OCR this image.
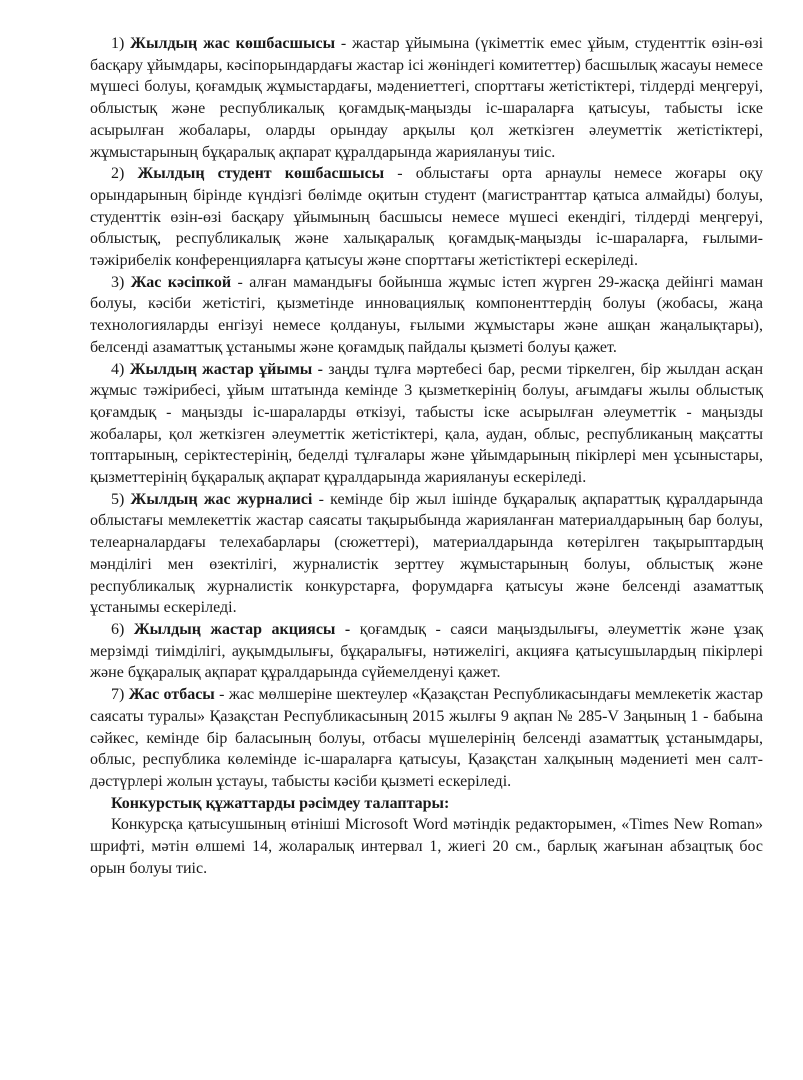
1) Жылдың жас көшбасшысы - жастар ұйымына (үкіметтік емес ұйым, студенттік өзін-өзі басқару ұйымдары, кәсіпорындардағы жастар ісі жөніндегі комитеттер) басшылық жасауы немесе мүшесі болуы, қоғамдық жұмыстардағы, мәдениеттегі, спорттағы жетістіктері, тілдерді меңгеруі, облыстық және республикалық қоғамдық-маңызды іс-шараларға қатысуы, табысты іске асырылған жобалары, оларды орындау арқылы қол жеткізген әлеуметтік жетістіктері, жұмыстарының бұқаралық ақпарат құралдарында жариялануы тиіс.

2) Жылдың студент көшбасшысы - облыстағы орта арнаулы немесе жоғары оқу орындарының бірінде күндізгі бөлімде оқитын студент (магистранттар қатыса алмайды) болуы, студенттік өзін-өзі басқару ұйымының басшысы немесе мүшесі екендігі, тілдерді меңгеруі, облыстық, республикалық және халықаралық қоғамдық-маңызды іс-шараларға, ғылыми-тәжірибелік конференцияларға қатысуы және спорттағы жетістіктері ескеріледі.

3) Жас кәсіпкой - алған мамандығы бойынша жұмыс істеп жүрген 29-жасқа дейінгі маман болуы, кәсіби жетістігі, қызметінде инновациялық компоненттердің болуы (жобасы, жаңа технологияларды енгізуі немесе қолдануы, ғылыми жұмыстары және ашқан жаңалықтары), белсенді азаматтық ұстанымы және қоғамдық пайдалы қызметі болуы қажет.

4) Жылдың жастар ұйымы - заңды тұлға мәртебесі бар, ресми тіркелген, бір жылдан асқан жұмыс тәжірибесі, ұйым штатында кемінде 3 қызметкерінің болуы, ағымдағы жылы облыстық қоғамдық - маңызды іс-шараларды өткізуі, табысты іске асырылған әлеуметтік - маңызды жобалары, қол жеткізген әлеуметтік жетістіктері, қала, аудан, облыс, республиканың мақсатты топтарының, серіктестерінің, беделді тұлғалары және ұйымдарының пікірлері мен ұсыныстары, қызметтерінің бұқаралық ақпарат құралдарында жариялануы ескеріледі.

5) Жылдың жас журналисі - кемінде бір жыл ішінде бұқаралық ақпараттық құралдарында облыстағы мемлекеттік жастар саясаты тақырыбында жарияланған материалдарының бар болуы, телеарналардағы телехабарлары (сюжеттері), материалдарында көтерілген тақырыптардың мәнділігі мен өзектілігі, журналистік зерттеу жұмыстарының болуы, облыстық және республикалық журналистік конкурстарға, форумдарға қатысуы және белсенді азаматтық ұстанымы ескеріледі.

6) Жылдың жастар акциясы - қоғамдық - саяси маңыздылығы, әлеуметтік және ұзақ мерзімді тиімділігі, ауқымдылығы, бұқаралығы, нәтижелігі, акцияға қатысушылардың пікірлері және бұқаралық ақпарат құралдарында сүйемелденуі қажет.

7) Жас отбасы - жас мөлшеріне шектеулер «Қазақстан Республикасындағы мемлекетік жастар саясаты туралы» Қазақстан Республикасының 2015 жылғы 9 ақпан № 285-V Заңының 1 - бабына сәйкес, кемінде бір баласының болуы, отбасы мүшелерінің белсенді азаматтық ұстанымдары, облыс, республика көлемінде іс-шараларға қатысуы, Қазақстан халқының мәдениеті мен салт-дәстүрлері жолын ұстауы, табысты кәсіби қызметі ескеріледі.

Конкурстық құжаттарды рәсімдеу талаптары:

Конкурсқа қатысушының өтініші Microsoft Word мәтіндік редакторымен, «Times New Roman» шрифті, мәтін өлшемі 14, жоларалық интервал 1, жиегі 20 см., барлық жағынан абзацтық бос орын болуы тиіс.
